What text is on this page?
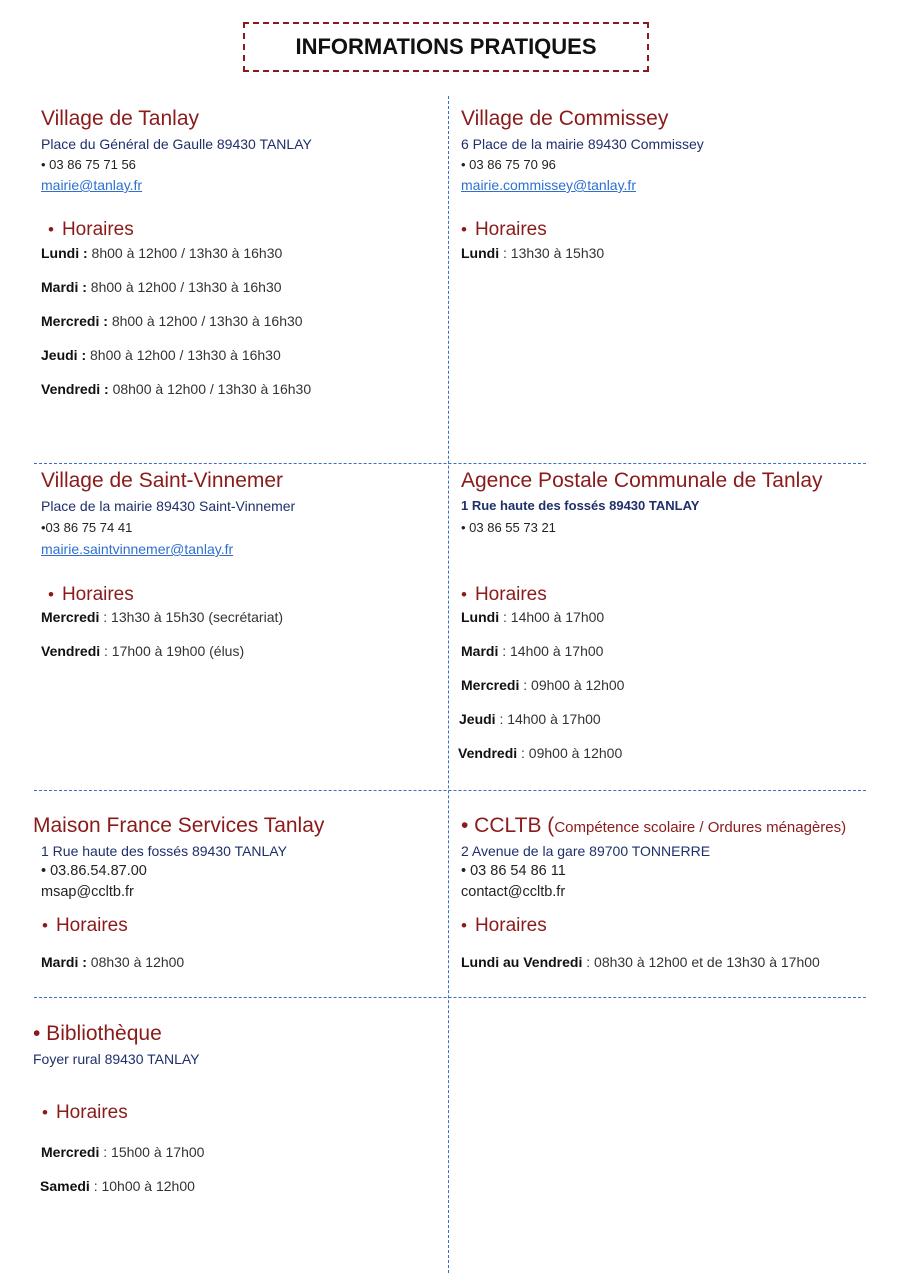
INFORMATIONS PRATIQUES
Village de Tanlay
Place du Général de Gaulle 89430 TANLAY
• 03 86 75 71 56
mairie@tanlay.fr
• Horaires
Lundi : 8h00 à 12h00 / 13h30 à 16h30
Mardi : 8h00 à 12h00 / 13h30 à 16h30
Mercredi : 8h00 à 12h00 / 13h30 à 16h30
Jeudi : 8h00 à 12h00 / 13h30 à 16h30
Vendredi : 08h00 à 12h00 / 13h30 à 16h30
Village de Commissey
6 Place de la mairie 89430 Commissey
• 03 86 75 70 96
mairie.commissey@tanlay.fr
• Horaires
Lundi : 13h30 à 15h30
Village de Saint-Vinnemer
Place de la mairie 89430 Saint-Vinnemer
•03 86 75 74 41
mairie.saintvinnemer@tanlay.fr
• Horaires
Mercredi : 13h30 à 15h30 (secrétariat)
Vendredi : 17h00 à 19h00 (élus)
Agence Postale Communale de Tanlay
1 Rue haute des fossés 89430 TANLAY
• 03 86 55 73 21
• Horaires
Lundi : 14h00 à 17h00
Mardi : 14h00 à 17h00
Mercredi : 09h00 à 12h00
Jeudi : 14h00 à 17h00
Vendredi : 09h00 à 12h00
Maison France Services Tanlay
1 Rue haute des fossés 89430 TANLAY
• 03.86.54.87.00
msap@ccltb.fr
• Horaires
Mardi : 08h30 à 12h00
• CCLTB (Compétence scolaire / Ordures ménagères)
2 Avenue de la gare 89700 TONNERRE
• 03 86 54 86 11
contact@ccltb.fr
• Horaires
Lundi au Vendredi : 08h30 à 12h00 et de 13h30 à 17h00
• Bibliothèque
Foyer rural 89430 TANLAY
• Horaires
Mercredi : 15h00 à 17h00
Samedi : 10h00 à 12h00
